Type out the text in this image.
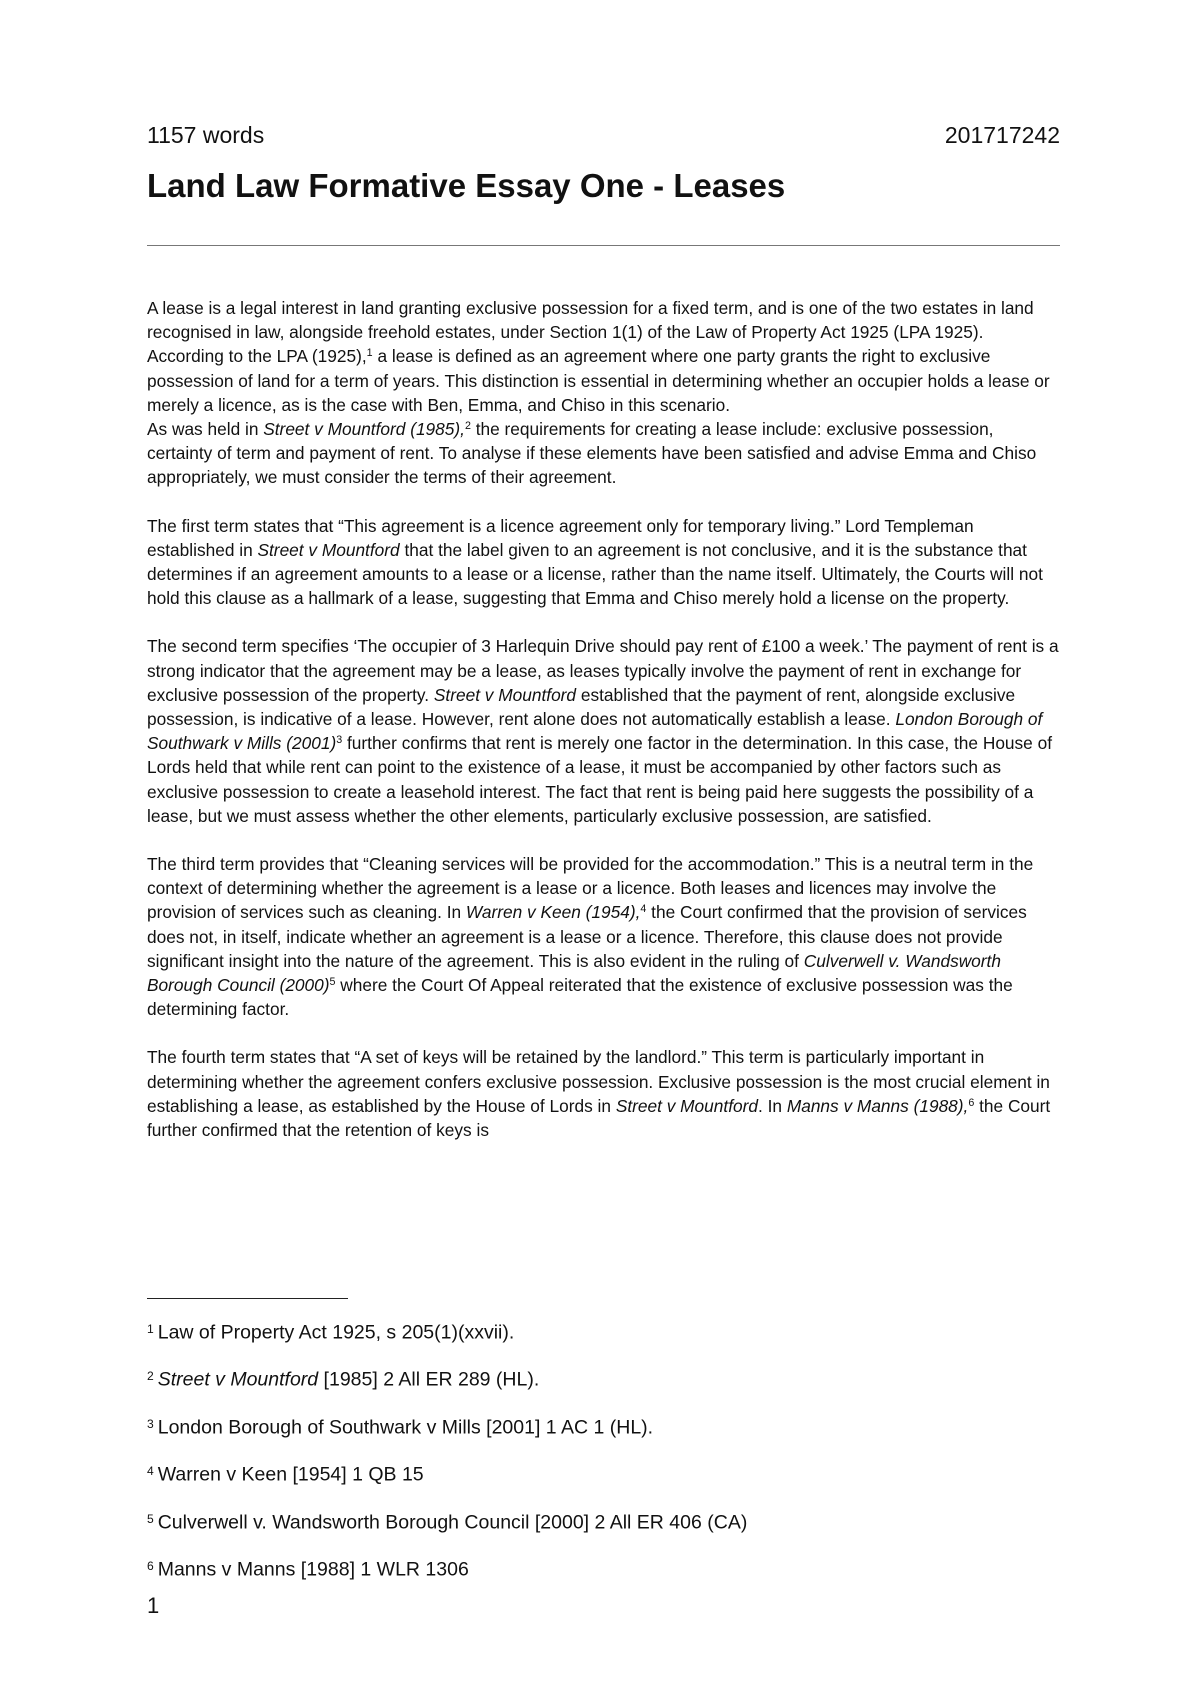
1157 words	201717242
Land Law Formative Essay One - Leases

A lease is a legal interest in land granting exclusive possession for a fixed term, and is one of the two estates in land recognised in law, alongside freehold estates, under Section 1(1) of the Law of Property Act 1925 (LPA 1925). According to the LPA (1925),$^1$ a lease is defined as an agreement where one party grants the right to exclusive possession of land for a term of years. This distinction is essential in determining whether an occupier holds a lease or merely a licence, as is the case with Ben, Emma, and Chiso in this scenario.

As was held in Street v Mountford (1985),$^2$ the requirements for creating a lease include: exclusive possession, certainty of term and payment of rent. To analyse if these elements have been satisfied and advise Emma and Chiso appropriately, we must consider the terms of their agreement.

The first term states that “This agreement is a licence agreement only for temporary living.” Lord Templeman established in Street v Mountford that the label given to an agreement is not conclusive, and it is the substance that determines if an agreement amounts to a lease or a license, rather than the name itself. Ultimately, the Courts will not hold this clause as a hallmark of a lease, suggesting that Emma and Chiso merely hold a license on the property.

The second term specifies ‘The occupier of 3 Harlequin Drive should pay rent of £100 a week.’ The payment of rent is a strong indicator that the agreement may be a lease, as leases typically involve the payment of rent in exchange for exclusive possession of the property. Street v Mountford established that the payment of rent, alongside exclusive possession, is indicative of a lease. However, rent alone does not automatically establish a lease. London Borough of Southwark v Mills (2001)$^3$ further confirms that rent is merely one factor in the determination. In this case, the House of Lords held that while rent can point to the existence of a lease, it must be accompanied by other factors such as exclusive possession to create a leasehold interest. The fact that rent is being paid here suggests the possibility of a lease, but we must assess whether the other elements, particularly exclusive possession, are satisfied.

The third term provides that “Cleaning services will be provided for the accommodation.” This is a neutral term in the context of determining whether the agreement is a lease or a licence. Both leases and licences may involve the provision of services such as cleaning. In Warren v Keen (1954),$^4$ the Court confirmed that the provision of services does not, in itself, indicate whether an agreement is a lease or a licence. Therefore, this clause does not provide significant insight into the nature of the agreement. This is also evident in the ruling of Culverwell v. Wandsworth Borough Council (2000)$^5$ where the Court Of Appeal reiterated that the existence of exclusive possession was the determining factor.

The fourth term states that “A set of keys will be retained by the landlord.” This term is particularly important in determining whether the agreement confers exclusive possession. Exclusive possession is the most crucial element in establishing a lease, as established by the House of Lords in Street v Mountford. In Manns v Manns (1988),$^6$ the Court further confirmed that the retention of keys is

$^1$ Law of Property Act 1925, s 205(1)(xxvii).

$^2$ Street v Mountford [1985] 2 All ER 289 (HL).

$^3$ London Borough of Southwark v Mills [2001] 1 AC 1 (HL).

$^4$ Warren v Keen [1954] 1 QB 15

$^5$ Culverwell v. Wandsworth Borough Council [2000] 2 All ER 406 (CA)

$^6$ Manns v Manns [1988] 1 WLR 1306

1
